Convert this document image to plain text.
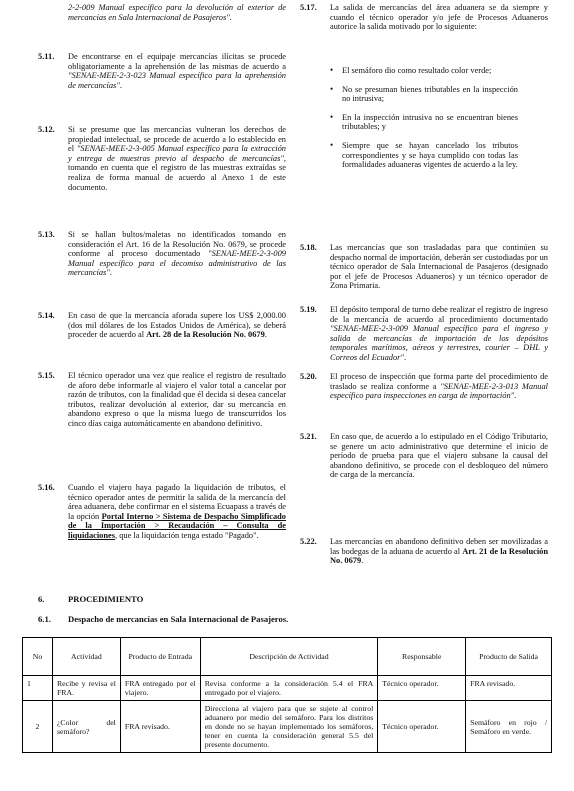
2-2-009 Manual específico para la devolución al exterior de mercancías en Sala Internacional de Pasajeros".
5.11.	De encontrarse en el equipaje mercancías ilícitas se procede obligatoriamente a la aprehensión de las mismas de acuerdo a "SENAE-MEE-2-3-023 Manual específico para la aprehensión de mercancías".
5.12.	Si se presume que las mercancías vulneran los derechos de propiedad intelectual, se procede de acuerdo a lo establecido en el "SENAE-MEE-2-3-005 Manual específico para la extracción y entrega de muestras previo al despacho de mercancías", tomando en cuenta que el registro de las muestras extraídas se realiza de forma manual de acuerdo al Anexo 1 de este documento.
5.13.	Si se hallan bultos/maletas no identificados tomando en consideración el Art. 16 de la Resolución No. 0679, se procede conforme al proceso documentado "SENAE-MEE-2-3-009 Manual específico para el decomiso administrativo de las mercancías".
5.14.	En caso de que la mercancía aforada supere los US$ 2,000.00 (dos mil dólares de los Estados Unidos de América), se deberá proceder de acuerdo al Art. 28 de la Resolución No. 0679.
5.15.	El técnico operador una vez que realice el registro de resultado de aforo debe informarle al viajero el valor total a cancelar por razón de tributos, con la finalidad que él decida si desea cancelar tributos, realizar devolución al exterior, dar su mercancía en abandono expreso o que la misma luego de transcurridos los cinco días caiga automáticamente en abandono definitivo.
5.16.	Cuando el viajero haya pagado la liquidación de tributos, el técnico operador antes de permitir la salida de la mercancía del área aduanera, debe confirmar en el sistema Ecuapass a través de la opción Portal Interno > Sistema de Despacho Simplificado de la Importación > Recaudación – Consulta de liquidaciones, que la liquidación tenga estado "Pagado".
5.17.	La salida de mercancías del área aduanera se da siempre y cuando el técnico operador y/o jefe de Procesos Aduaneros autorice la salida motivado por lo siguiente:
• El semáforo dio como resultado color verde;
• No se presuman bienes tributables en la inspección no intrusiva;
• En la inspección intrusiva no se encuentran bienes tributables; y
• Siempre que se hayan cancelado los tributos correspondientes y se haya cumplido con todas las formalidades aduaneras vigentes de acuerdo a la ley.
5.18.	Las mercancías que son trasladadas para que continúen su despacho normal de importación, deberán ser custodiadas por un técnico operador de Sala Internacional de Pasajeros (designado por el jefe de Procesos Aduaneros) y un técnico operador de Zona Primaria.
5.19.	El depósito temporal de turno debe realizar el registro de ingreso de la mercancía de acuerdo al procedimiento documentado "SENAE-MEE-2-3-009 Manual específico para el ingreso y salida de mercancías de importación de los depósitos temporales marítimos, aéreos y terrestres, courier – DHL y Correos del Ecuador".
5.20.	El proceso de inspección que forma parte del procedimiento de traslado se realiza conforme a "SENAE-MEE-2-3-013 Manual específico para inspecciones en carga de importación".
5.21.	En caso que, de acuerdo a lo estipulado en el Código Tributario, se genere un acto administrativo que determine el inicio de período de prueba para que el viajero subsane la causal del abandono definitivo, se procede con el desbloqueo del número de carga de la mercancía.
5.22.	Las mercancías en abandono definitivo deben ser movilizadas a las bodegas de la aduana de acuerdo al Art. 21 de la Resolución No. 0679.
6.	PROCEDIMIENTO
6.1. Despacho de mercancías en Sala Internacional de Pasajeros.
No	Actividad	Producto de Entrada	Descripción de Actividad	Responsable	Producto de Salida
1	Recibe y revisa el FRA.	FRA entregado por el viajero.	Revisa conforme a la consideración 5.4 el FRA entregado por el viajero.	Técnico operador.	FRA revisado.
2	¿Color del semáforo?	FRA revisado.	Direcciona al viajero para que se sujete al control aduanero por medio del semáforo. Para los distritos en donde no se hayan implementado los semáforos, tener en cuenta la consideración general 5.5 del presente documento.	Técnico operador.	Semáforo en rojo / Semáforo en verde.
